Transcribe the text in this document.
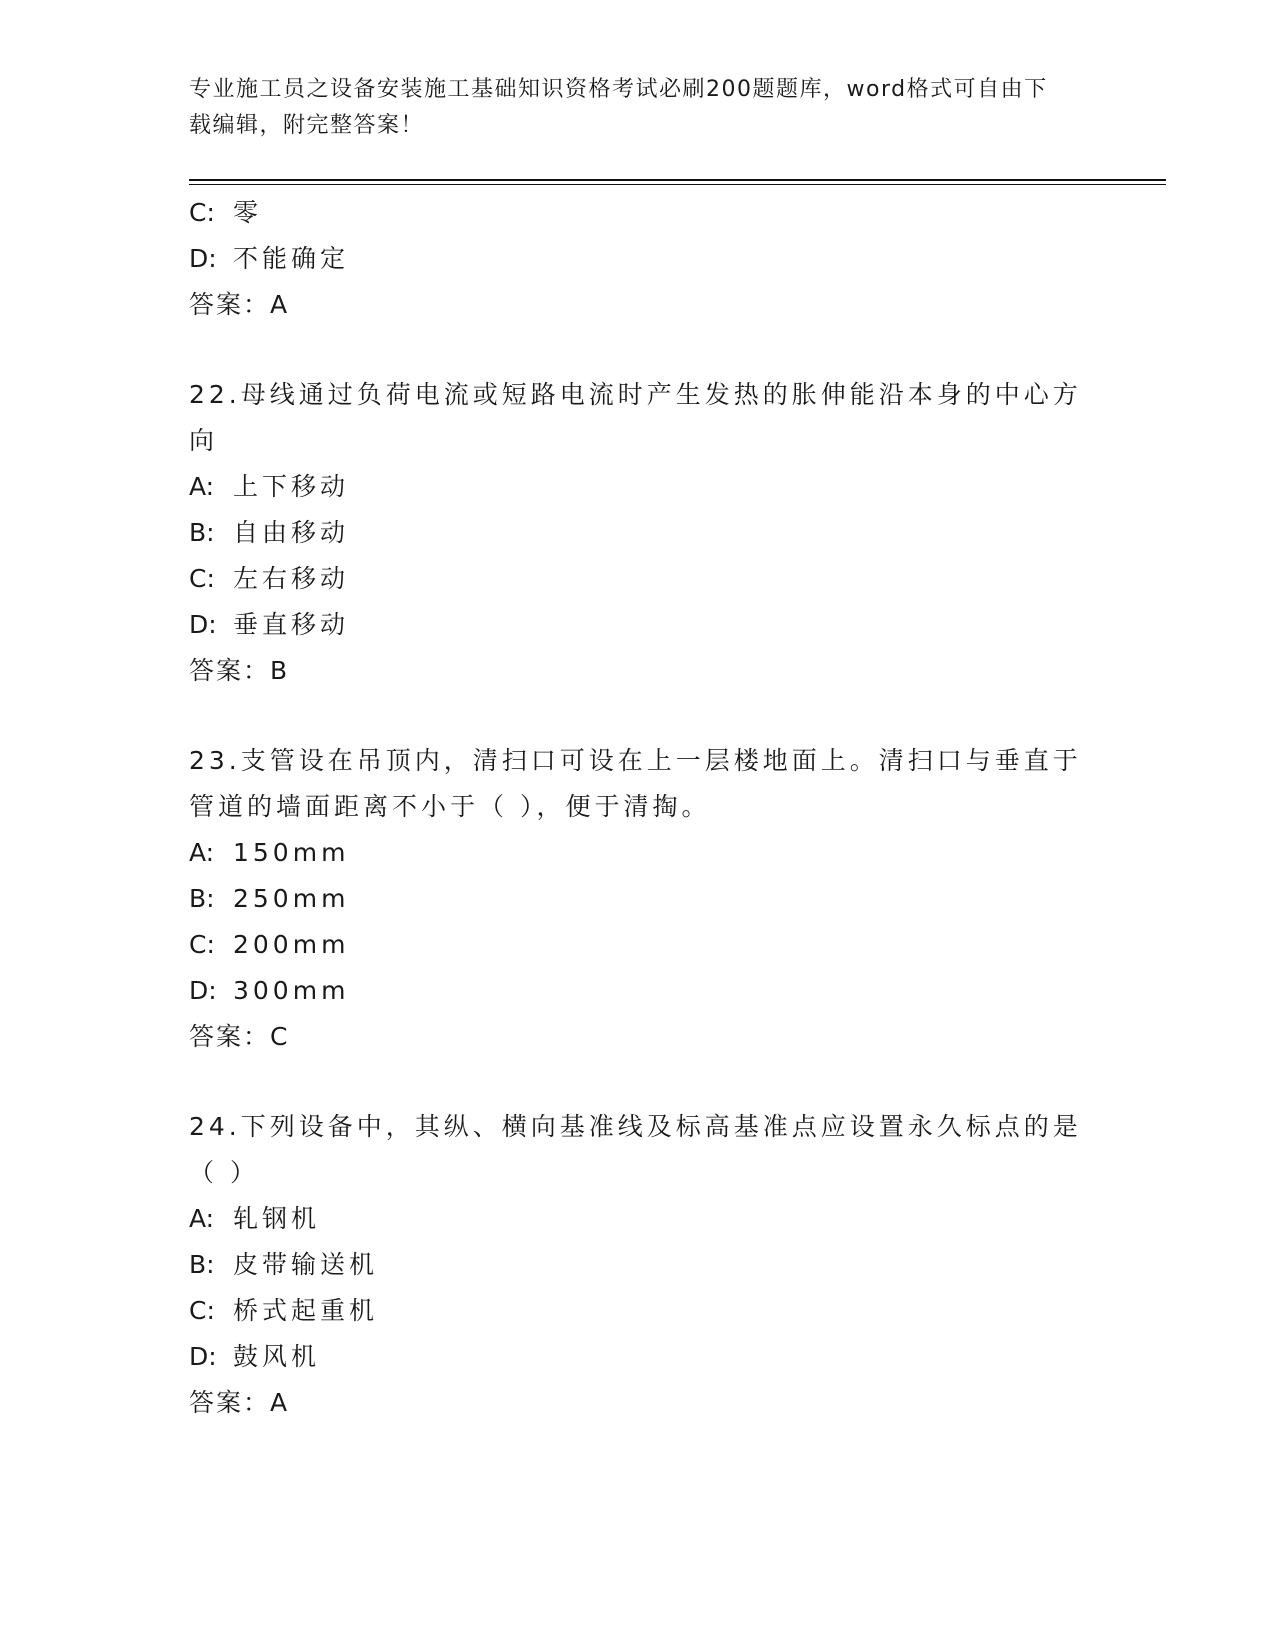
专业施工员之设备安装施工基础知识资格考试必刷200题题库，word格式可自由下载编辑，附完整答案！
C: 零
D: 不能确定
答案：A
22.母线通过负荷电流或短路电流时产生发热的胀伸能沿本身的中心方向
A: 上下移动
B: 自由移动
C: 左右移动
D: 垂直移动
答案：B
23.支管设在吊顶内，清扫口可设在上一层楼地面上。清扫口与垂直于管道的墙面距离不小于（ ），便于清掏。
A: 150mm
B: 250mm
C: 200mm
D: 300mm
答案：C
24.下列设备中，其纵、横向基准线及标高基准点应设置永久标点的是（ ）
A: 轧钢机
B: 皮带输送机
C: 桥式起重机
D: 鼓风机
答案：A
